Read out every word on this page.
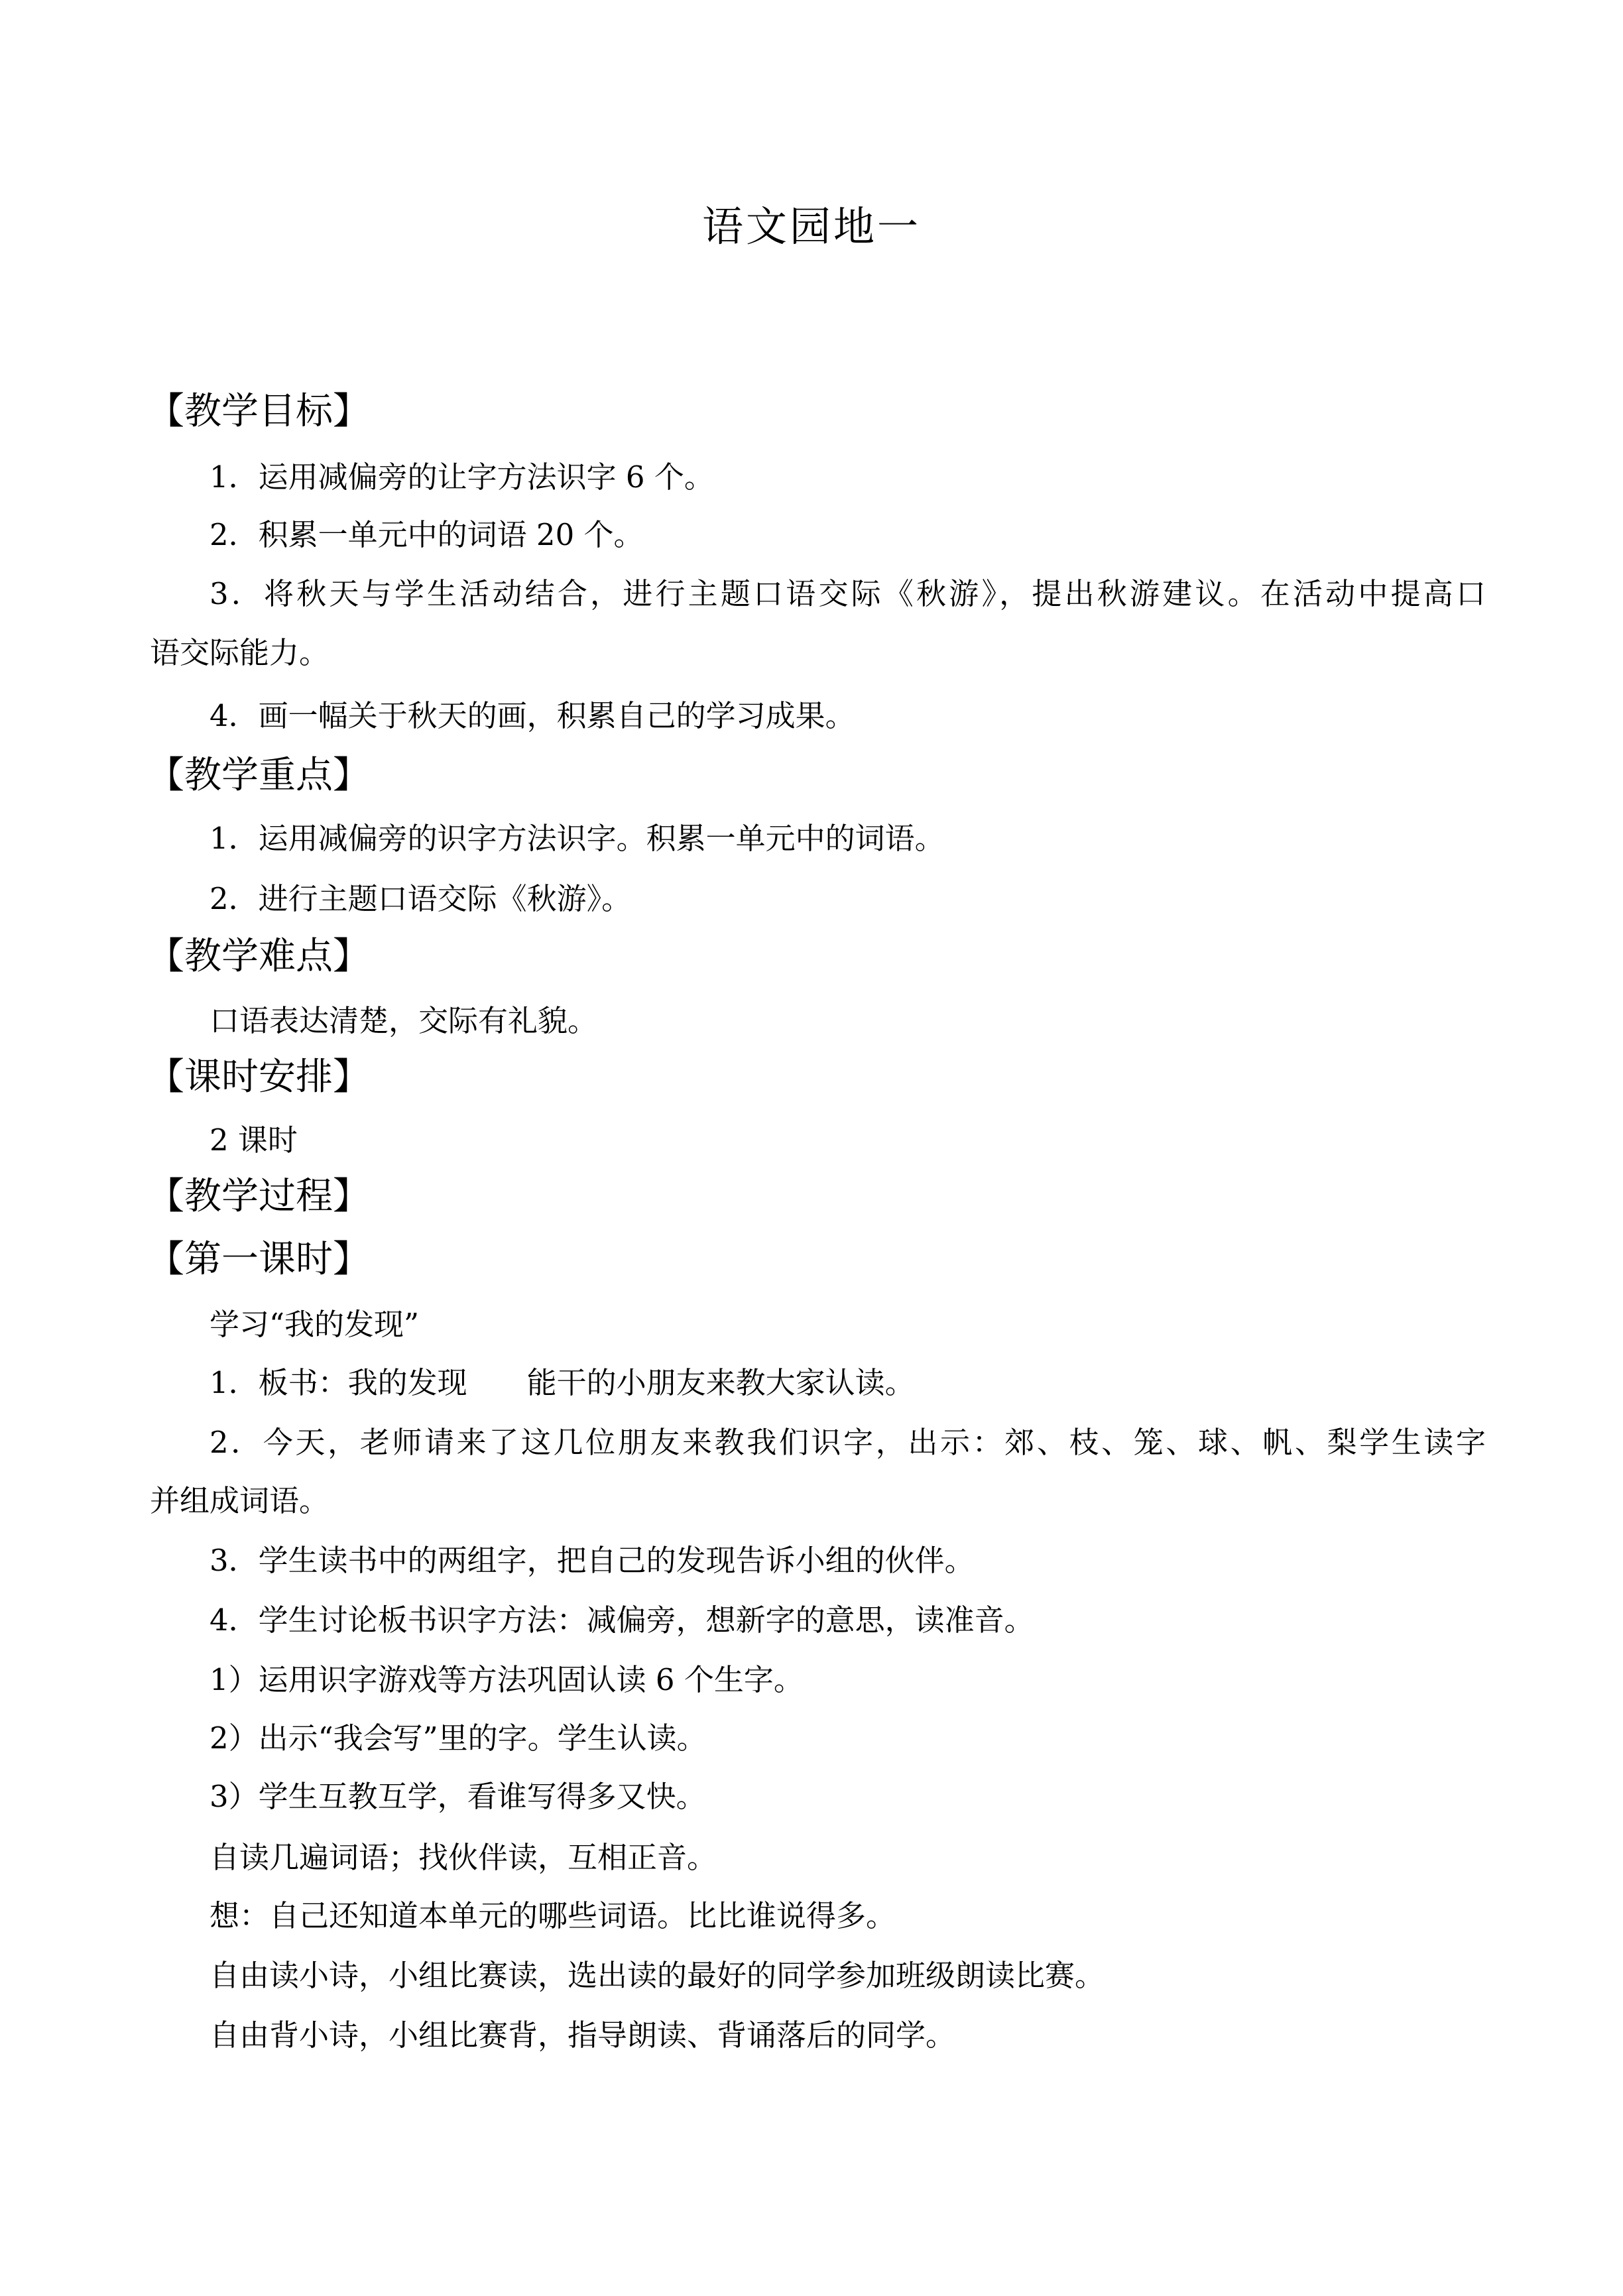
语文园地一
【教学目标】
1．运用减偏旁的让字方法识字 6 个。
2．积累一单元中的词语 20 个。
3．将秋天与学生活动结合，进行主题口语交际《秋游》，提出秋游建议。在活动中提高口
语交际能力。
4．画一幅关于秋天的画，积累自己的学习成果。
【教学重点】
1．运用减偏旁的识字方法识字。积累一单元中的词语。
2．进行主题口语交际《秋游》。
【教学难点】
口语表达清楚，交际有礼貌。
【课时安排】
2 课时
【教学过程】
【第一课时】
学习“我的发现”
1．板书：我的发现　　能干的小朋友来教大家认读。
2．今天，老师请来了这几位朋友来教我们识字，出示：郊、枝、笼、球、帆、梨学生读字
并组成词语。
3．学生读书中的两组字，把自己的发现告诉小组的伙伴。
4．学生讨论板书识字方法：减偏旁，想新字的意思，读准音。
1）运用识字游戏等方法巩固认读 6 个生字。
2）出示“我会写”里的字。学生认读。
3）学生互教互学，看谁写得多又快。
自读几遍词语；找伙伴读，互相正音。
想：自己还知道本单元的哪些词语。比比谁说得多。
自由读小诗，小组比赛读，选出读的最好的同学参加班级朗读比赛。
自由背小诗，小组比赛背，指导朗读、背诵落后的同学。
